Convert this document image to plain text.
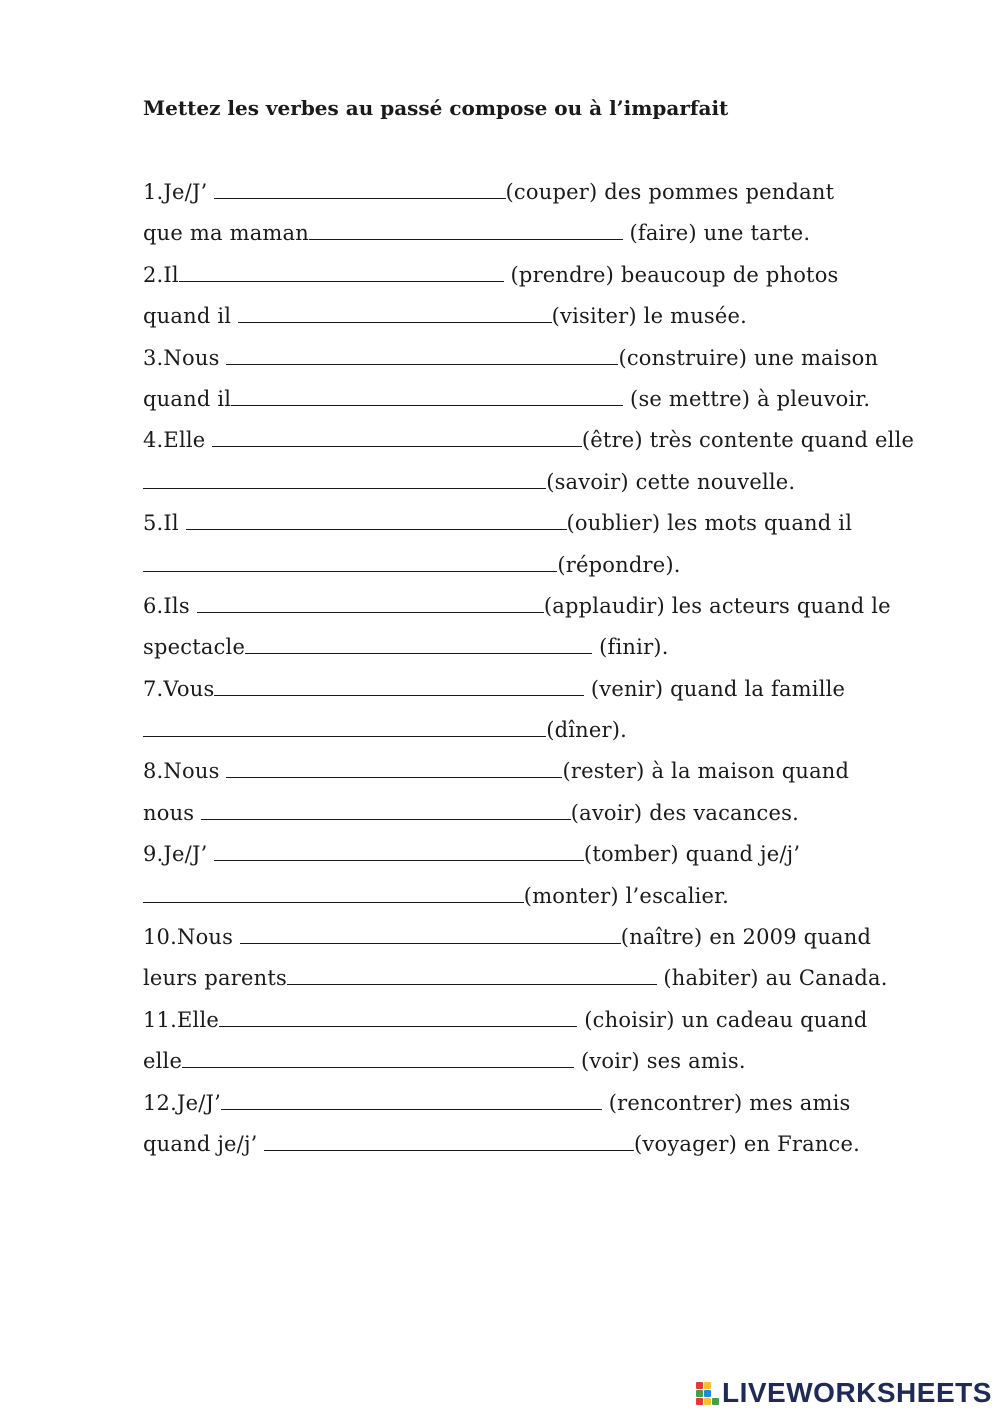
Mettez les verbes au passé compose ou à l’imparfait
1.Je/J’	(couper) des pommes pendant
que ma maman	(faire) une tarte.
2.Il	(prendre) beaucoup de photos
quand il	(visiter) le musée.
3.Nous	(construire) une maison
quand il	(se mettre) à pleuvoir.
4.Elle	(être) très contente quand elle
(savoir) cette nouvelle.
5.Il	(oublier) les mots quand il
(répondre).
6.Ils	(applaudir) les acteurs quand le
spectacle	(finir).
7.Vous	(venir) quand la famille
(dîner).
8.Nous	(rester) à la maison quand
nous	(avoir) des vacances.
9.Je/J’	(tomber) quand je/j’
(monter) l’escalier.
10.Nous	(naître) en 2009 quand
leurs parents	(habiter) au Canada.
11.Elle	(choisir) un cadeau quand
elle	(voir) ses amis.
12.Je/J’	(rencontrer) mes amis
quand je/j’	(voyager) en France.
LIVEWORKSHEETS
